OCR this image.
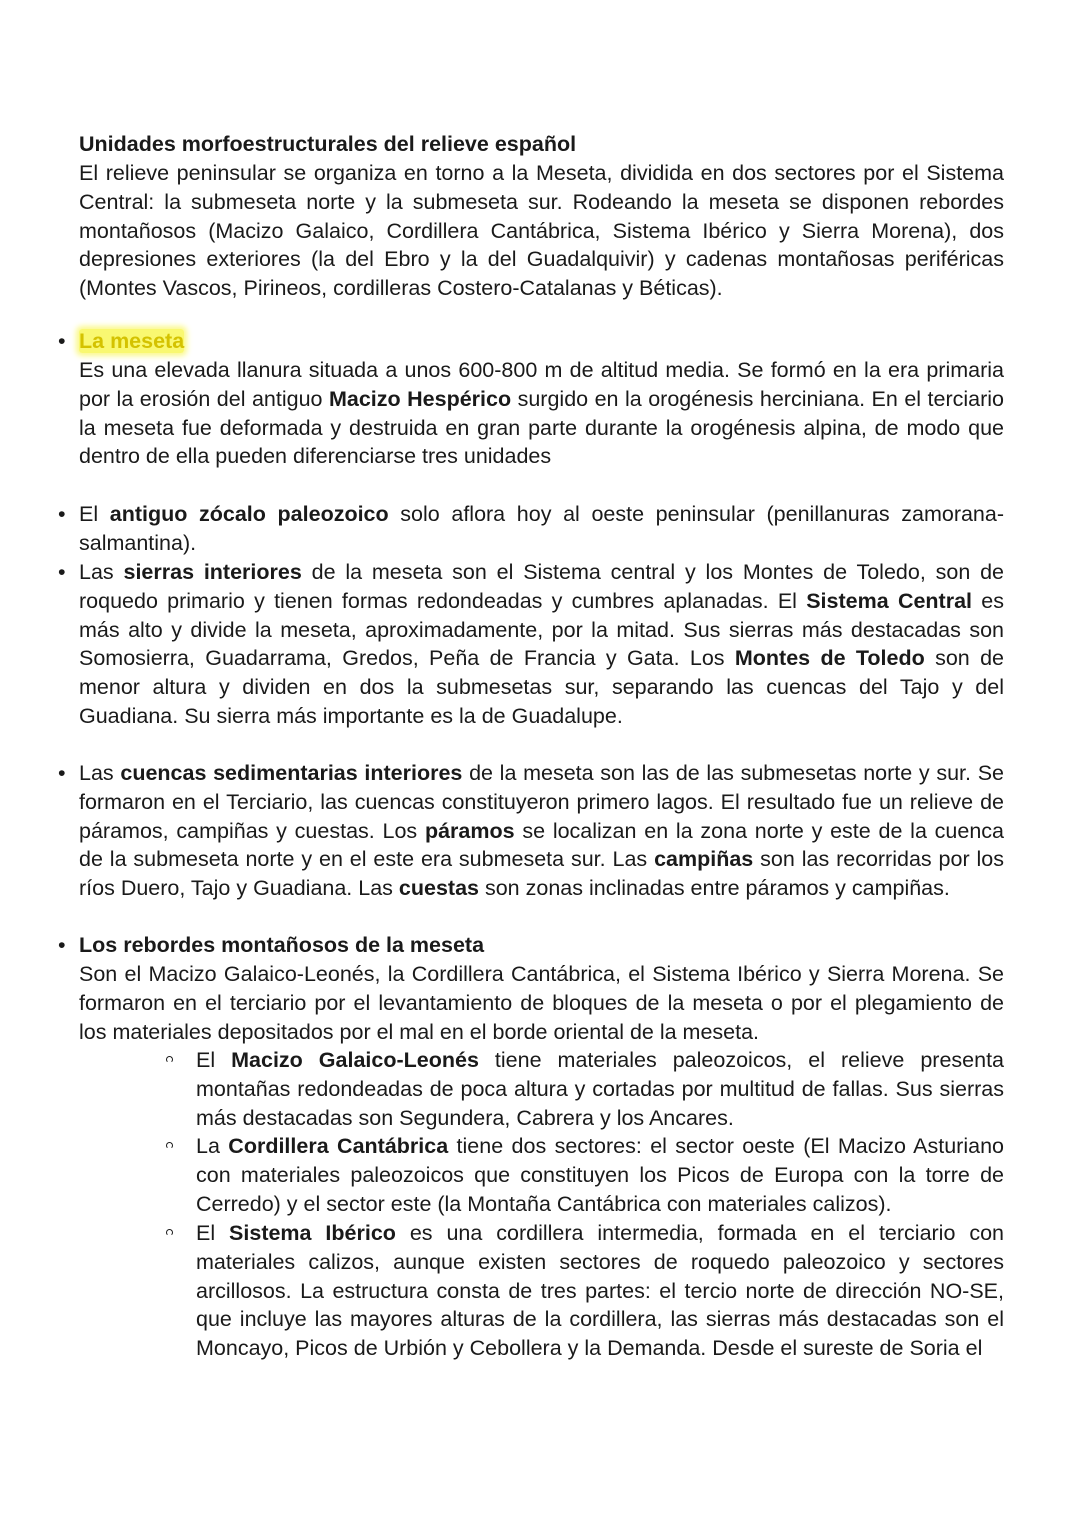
Unidades morfoestructurales del relieve español
El relieve peninsular se organiza en torno a la Meseta, dividida en dos sectores por el Sistema Central: la submeseta norte y la submeseta sur. Rodeando la meseta se disponen rebordes montañosos (Macizo Galaico, Cordillera Cantábrica, Sistema Ibérico y Sierra Morena), dos depresiones exteriores (la del Ebro y la del Guadalquivir) y cadenas montañosas periféricas (Montes Vascos, Pirineos, cordilleras Costero-Catalanas y Béticas).
• La meseta
Es una elevada llanura situada a unos 600-800 m de altitud media. Se formó en la era primaria por la erosión del antiguo Macizo Hespérico surgido en la orogénesis herciniana. En el terciario la meseta fue deformada y destruida en gran parte durante la orogénesis alpina, de modo que dentro de ella pueden diferenciarse tres unidades
• El antiguo zócalo paleozoico solo aflora hoy al oeste peninsular (penillanuras zamorana-salmantina).
• Las sierras interiores de la meseta son el Sistema central y los Montes de Toledo, son de roquedo primario y tienen formas redondeadas y cumbres aplanadas. El Sistema Central es más alto y divide la meseta, aproximadamente, por la mitad. Sus sierras más destacadas son Somosierra, Guadarrama, Gredos, Peña de Francia y Gata. Los Montes de Toledo son de menor altura y dividen en dos la submesetas sur, separando las cuencas del Tajo y del Guadiana. Su sierra más importante es la de Guadalupe.
• Las cuencas sedimentarias interiores de la meseta son las de las submesetas norte y sur. Se formaron en el Terciario, las cuencas constituyeron primero lagos. El resultado fue un relieve de páramos, campiñas y cuestas. Los páramos se localizan en la zona norte y este de la cuenca de la submeseta norte y en el este era submeseta sur. Las campiñas son las recorridas por los ríos Duero, Tajo y Guadiana. Las cuestas son zonas inclinadas entre páramos y campiñas.
• Los rebordes montañosos de la meseta
Son el Macizo Galaico-Leonés, la Cordillera Cantábrica, el Sistema Ibérico y Sierra Morena. Se formaron en el terciario por el levantamiento de bloques de la meseta o por el plegamiento de los materiales depositados por el mal en el borde oriental de la meseta.
El Macizo Galaico-Leonés tiene materiales paleozoicos, el relieve presenta montañas redondeadas de poca altura y cortadas por multitud de fallas. Sus sierras más destacadas son Segundera, Cabrera y los Ancares.
La Cordillera Cantábrica tiene dos sectores: el sector oeste (El Macizo Asturiano con materiales paleozoicos que constituyen los Picos de Europa con la torre de Cerredo) y el sector este (la Montaña Cantábrica con materiales calizos).
El Sistema Ibérico es una cordillera intermedia, formada en el terciario con materiales calizos, aunque existen sectores de roquedo paleozoico y sectores arcillosos. La estructura consta de tres partes: el tercio norte de dirección NO-SE, que incluye las mayores alturas de la cordillera, las sierras más destacadas son el Moncayo, Picos de Urbión y Cebollera y la Demanda. Desde el sureste de Soria el
